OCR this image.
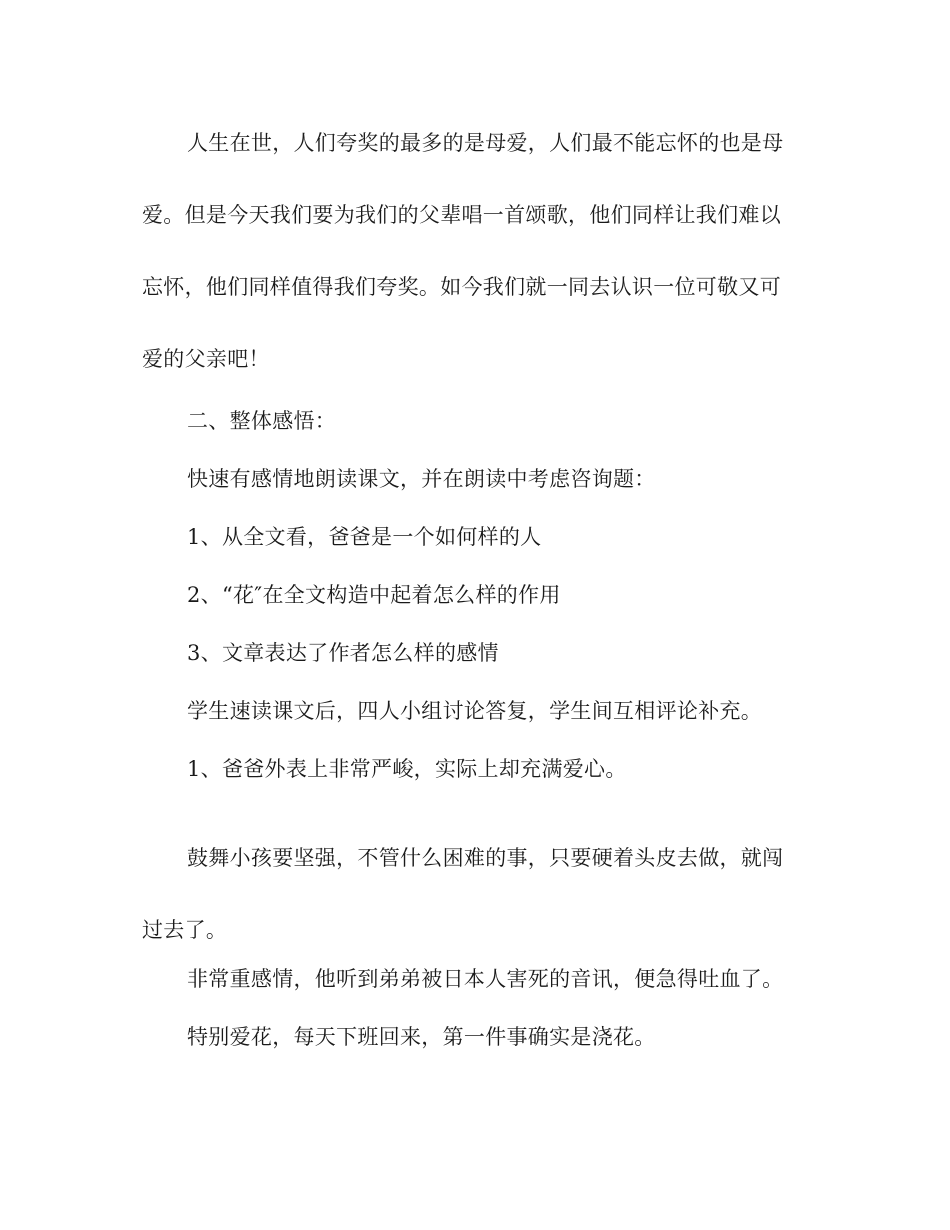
人生在世，人们夸奖的最多的是母爱，人们最不能忘怀的也是母爱。但是今天我们要为我们的父辈唱一首颂歌，他们同样让我们难以忘怀，他们同样值得我们夸奖。如今我们就一同去认识一位可敬又可爱的父亲吧！

二、整体感悟：

快速有感情地朗读课文，并在朗读中考虑咨询题：

1、从全文看，爸爸是一个如何样的人

2、“花″在全文构造中起着怎么样的作用

3、文章表达了作者怎么样的感情

学生速读课文后，四人小组讨论答复，学生间互相评论补充。

1、爸爸外表上非常严峻，实际上却充满爱心。

鼓舞小孩要坚强，不管什么困难的事，只要硬着头皮去做，就闯过去了。

非常重感情，他听到弟弟被日本人害死的音讯，便急得吐血了。

特别爱花，每天下班回来，第一件事确实是浇花。
